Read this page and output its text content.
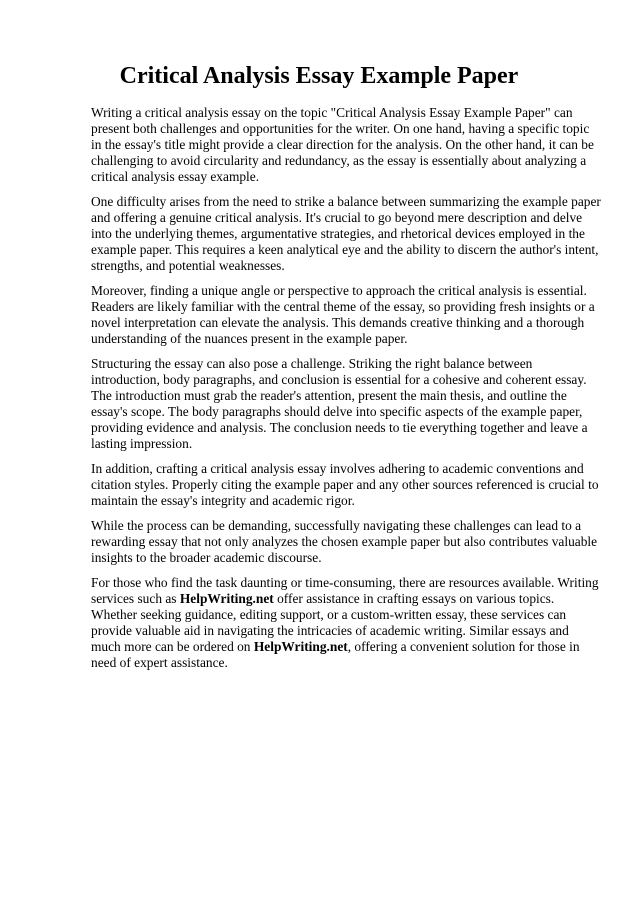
Critical Analysis Essay Example Paper

Writing a critical analysis essay on the topic "Critical Analysis Essay Example Paper" can present both challenges and opportunities for the writer. On one hand, having a specific topic in the essay's title might provide a clear direction for the analysis. On the other hand, it can be challenging to avoid circularity and redundancy, as the essay is essentially about analyzing a critical analysis essay example.

One difficulty arises from the need to strike a balance between summarizing the example paper and offering a genuine critical analysis. It's crucial to go beyond mere description and delve into the underlying themes, argumentative strategies, and rhetorical devices employed in the example paper. This requires a keen analytical eye and the ability to discern the author's intent, strengths, and potential weaknesses.

Moreover, finding a unique angle or perspective to approach the critical analysis is essential. Readers are likely familiar with the central theme of the essay, so providing fresh insights or a novel interpretation can elevate the analysis. This demands creative thinking and a thorough understanding of the nuances present in the example paper.

Structuring the essay can also pose a challenge. Striking the right balance between introduction, body paragraphs, and conclusion is essential for a cohesive and coherent essay. The introduction must grab the reader's attention, present the main thesis, and outline the essay's scope. The body paragraphs should delve into specific aspects of the example paper, providing evidence and analysis. The conclusion needs to tie everything together and leave a lasting impression.

In addition, crafting a critical analysis essay involves adhering to academic conventions and citation styles. Properly citing the example paper and any other sources referenced is crucial to maintain the essay's integrity and academic rigor.

While the process can be demanding, successfully navigating these challenges can lead to a rewarding essay that not only analyzes the chosen example paper but also contributes valuable insights to the broader academic discourse.

For those who find the task daunting or time-consuming, there are resources available. Writing services such as HelpWriting.net offer assistance in crafting essays on various topics. Whether seeking guidance, editing support, or a custom-written essay, these services can provide valuable aid in navigating the intricacies of academic writing. Similar essays and much more can be ordered on HelpWriting.net, offering a convenient solution for those in need of expert assistance.
